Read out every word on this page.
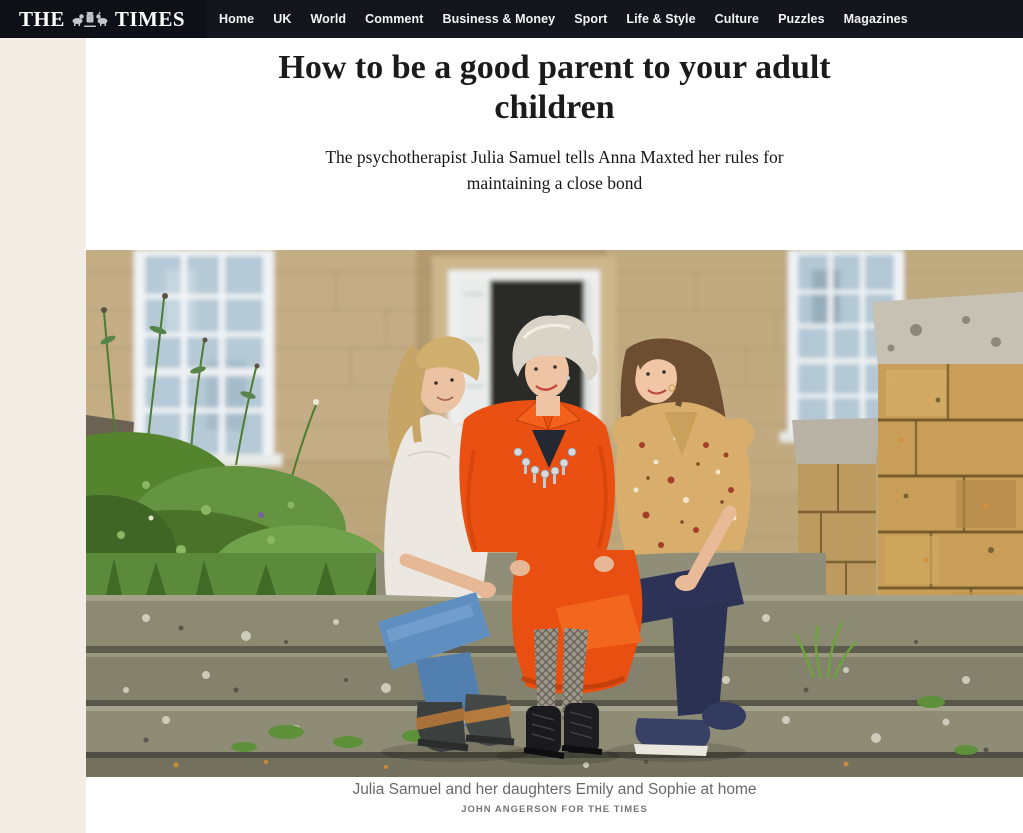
THE TIMES	Home UK World Comment Business & Money Sport Life & Style Culture Puzzles Magazines
How to be a good parent to your adult children

The psychotherapist Julia Samuel tells Anna Maxted her rules for maintaining a close bond

Julia Samuel and her daughters Emily and Sophie at home
JOHN ANGERSON FOR THE TIMES
